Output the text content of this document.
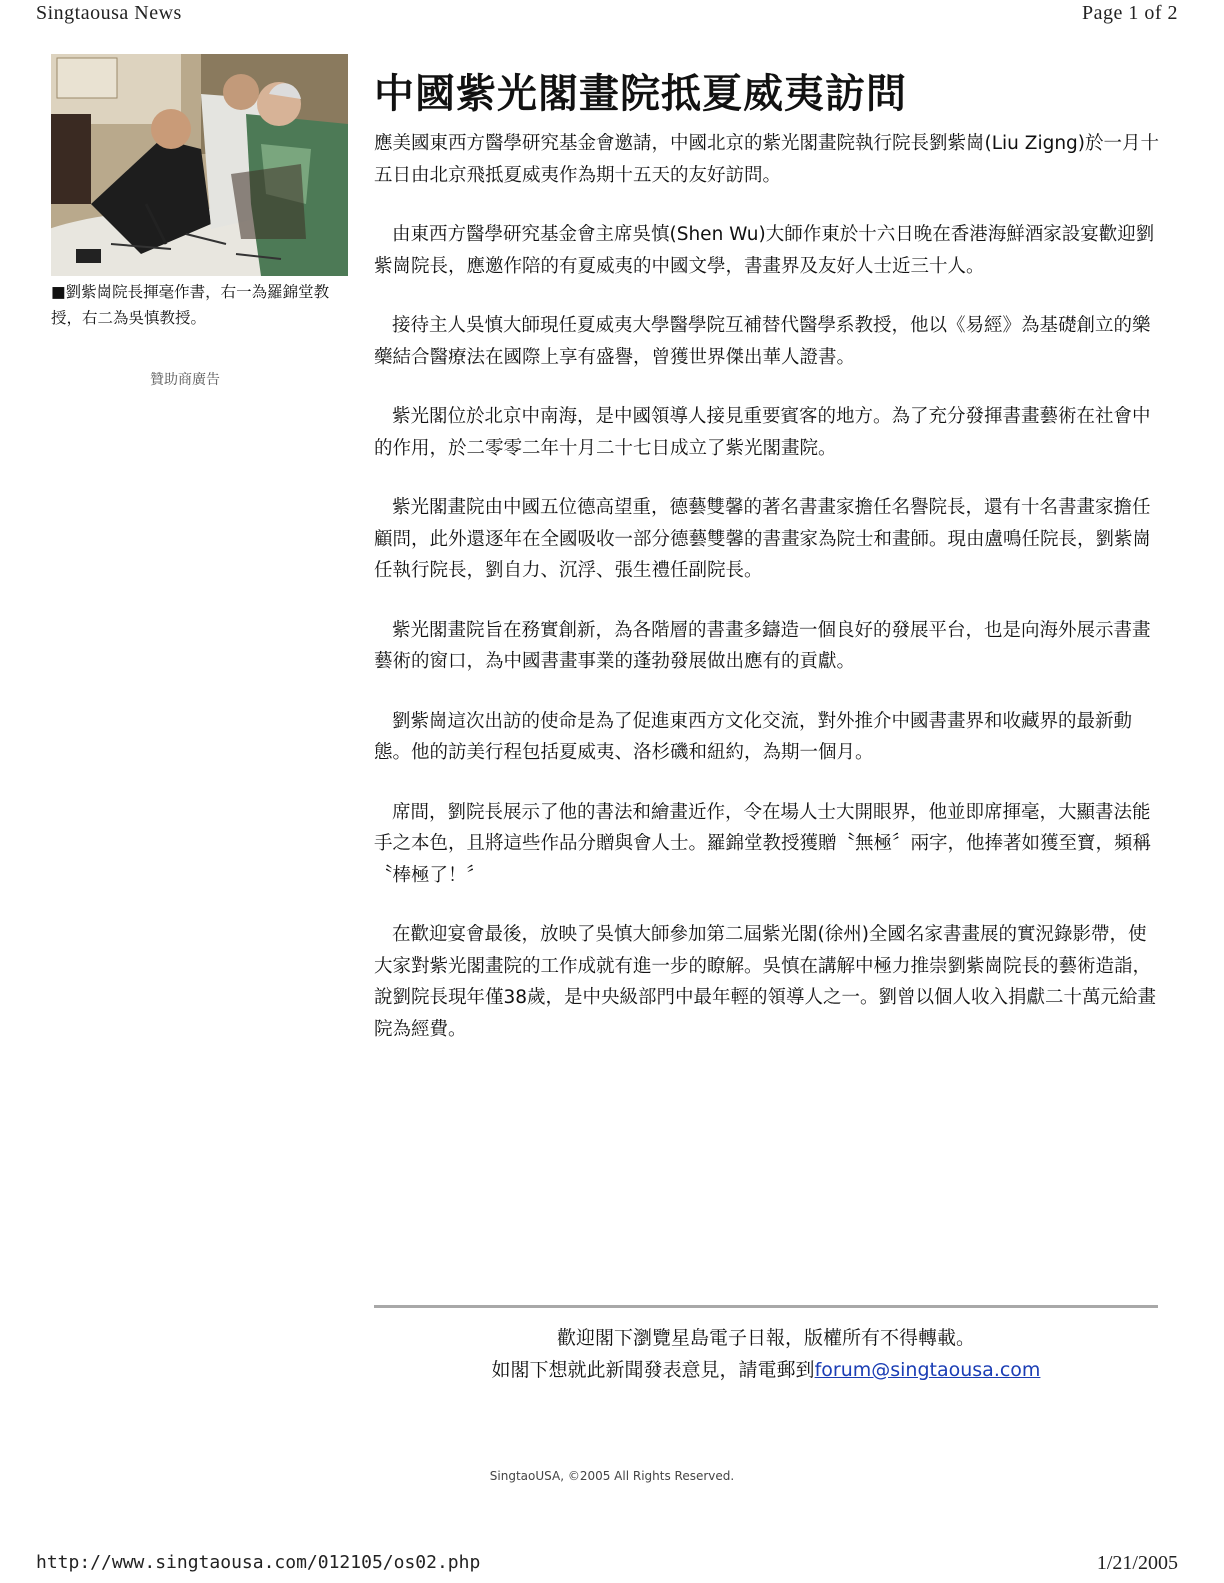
Singtaousa News	Page 1 of 2
■劉紫崗院長揮毫作書，右一為羅錦堂教授，右二為吳慎教授。
贊助商廣告
中國紫光閣畫院抵夏威夷訪問

應美國東西方醫學研究基金會邀請，中國北京的紫光閣畫院執行院長劉紫崗(Liu Zigng)於一月十五日由北京飛抵夏威夷作為期十五天的友好訪問。

由東西方醫學研究基金會主席吳慎(Shen Wu)大師作東於十六日晚在香港海鮮酒家設宴歡迎劉紫崗院長，應邀作陪的有夏威夷的中國文學，書畫界及友好人士近三十人。

接待主人吳慎大師現任夏威夷大學醫學院互補替代醫學系教授，他以《易經》為基礎創立的樂藥結合醫療法在國際上享有盛譽，曾獲世界傑出華人證書。

紫光閣位於北京中南海，是中國領導人接見重要賓客的地方。為了充分發揮書畫藝術在社會中的作用，於二零零二年十月二十七日成立了紫光閣畫院。

紫光閣畫院由中國五位德高望重，德藝雙馨的著名書畫家擔任名譽院長，還有十名書畫家擔任顧問，此外還逐年在全國吸收一部分德藝雙馨的書畫家為院士和畫師。現由盧鳴任院長，劉紫崗任執行院長，劉自力、沉浮、張生禮任副院長。

紫光閣畫院旨在務實創新，為各階層的書畫多鑄造一個良好的發展平台，也是向海外展示書畫藝術的窗口，為中國書畫事業的蓬勃發展做出應有的貢獻。

劉紫崗這次出訪的使命是為了促進東西方文化交流，對外推介中國書畫界和收藏界的最新動態。他的訪美行程包括夏威夷、洛杉磯和紐約，為期一個月。

席間，劉院長展示了他的書法和繪畫近作，令在場人士大開眼界，他並即席揮毫，大顯書法能手之本色，且將這些作品分贈與會人士。羅錦堂教授獲贈〝無極〞兩字，他捧著如獲至寶，頻稱〝棒極了！〞

在歡迎宴會最後，放映了吳慎大師參加第二屆紫光閣(徐州)全國名家書畫展的實況錄影帶，使大家對紫光閣畫院的工作成就有進一步的瞭解。吳慎在講解中極力推崇劉紫崗院長的藝術造詣，說劉院長現年僅38歲，是中央級部門中最年輕的領導人之一。劉曾以個人收入捐獻二十萬元給畫院為經費。

歡迎閣下瀏覽星島電子日報，版權所有不得轉載。
如閣下想就此新聞發表意見，請電郵到forum@singtaousa.com
SingtaoUSA, ©2005 All Rights Reserved.
http://www.singtaousa.com/012105/os02.php	1/21/2005
